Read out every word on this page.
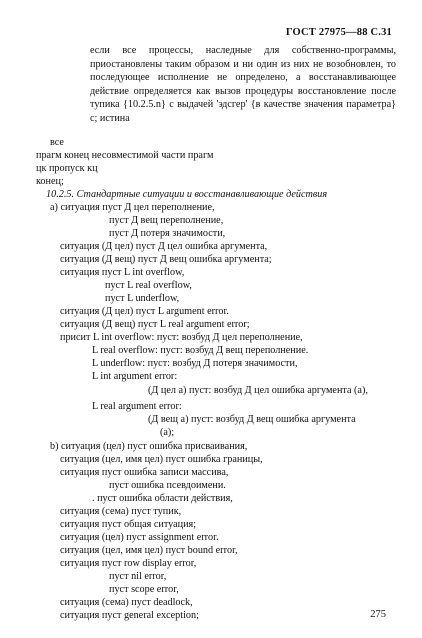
ГОСТ 27975—88 С.31
если все процессы, наследные для собственно-программы, приостановлены таким образом и ни один из них не возобновлен, то последующее исполнение не определено, а восстанавливающее действие определяется как вызов процедуры восстановление после тупика {10.2.5.n} с выдачей 'эдсгер' {в качестве значения параметра} с; истина
все
прагм конец несовместимой части прагм
цк пропуск кц
конец;
10.2.5. Стандартные ситуации и восстанавливающие действия
а) ситуация пуст Д цел переполнение,
пуст Д вещ переполнение,
пуст Д потеря значимости,
ситуация (Д цел) пуст Д цел ошибка аргумента,
ситуация (Д вещ) пуст Д вещ ошибка аргумента;
ситуация пуст L int overflow,
пуст L real overflow,
пуст L underflow,
ситуация (Д цел) пуст L argument error.
ситуация (Д вещ) пуст L real argument error;
присит L int overflow: пуст: возбуд Д цел переполнение,
L real overflow: пуст: возбуд Д вещ переполнение.
L underflow: пуст: возбуд Д потеря значимости,
L int argument error:
(Д цел а) пуст: возбуд Д цел ошибка аргумента (а),
L real argument error:
(Д вещ а) пуст: возбуд Д вещ ошибка аргумента
(а);
b) ситуация (цел) пуст ошибка присваивания,
ситуация (цел, имя цел) пуст ошибка границы,
ситуация пуст ошибка записи массива,
пуст ошибка псевдоимени.
. пуст ошибка области действия,
ситуация (сема) пуст тупик,
ситуация пуст общая ситуация;
ситуация (цел) пуст assignment error.
ситуация (цел, имя цел) пуст bound error,
ситуация пуст row display error,
пуст nil error,
пуст scope error,
ситуация (сема) пуст deadlock,
ситуация пуст general exception;	275
